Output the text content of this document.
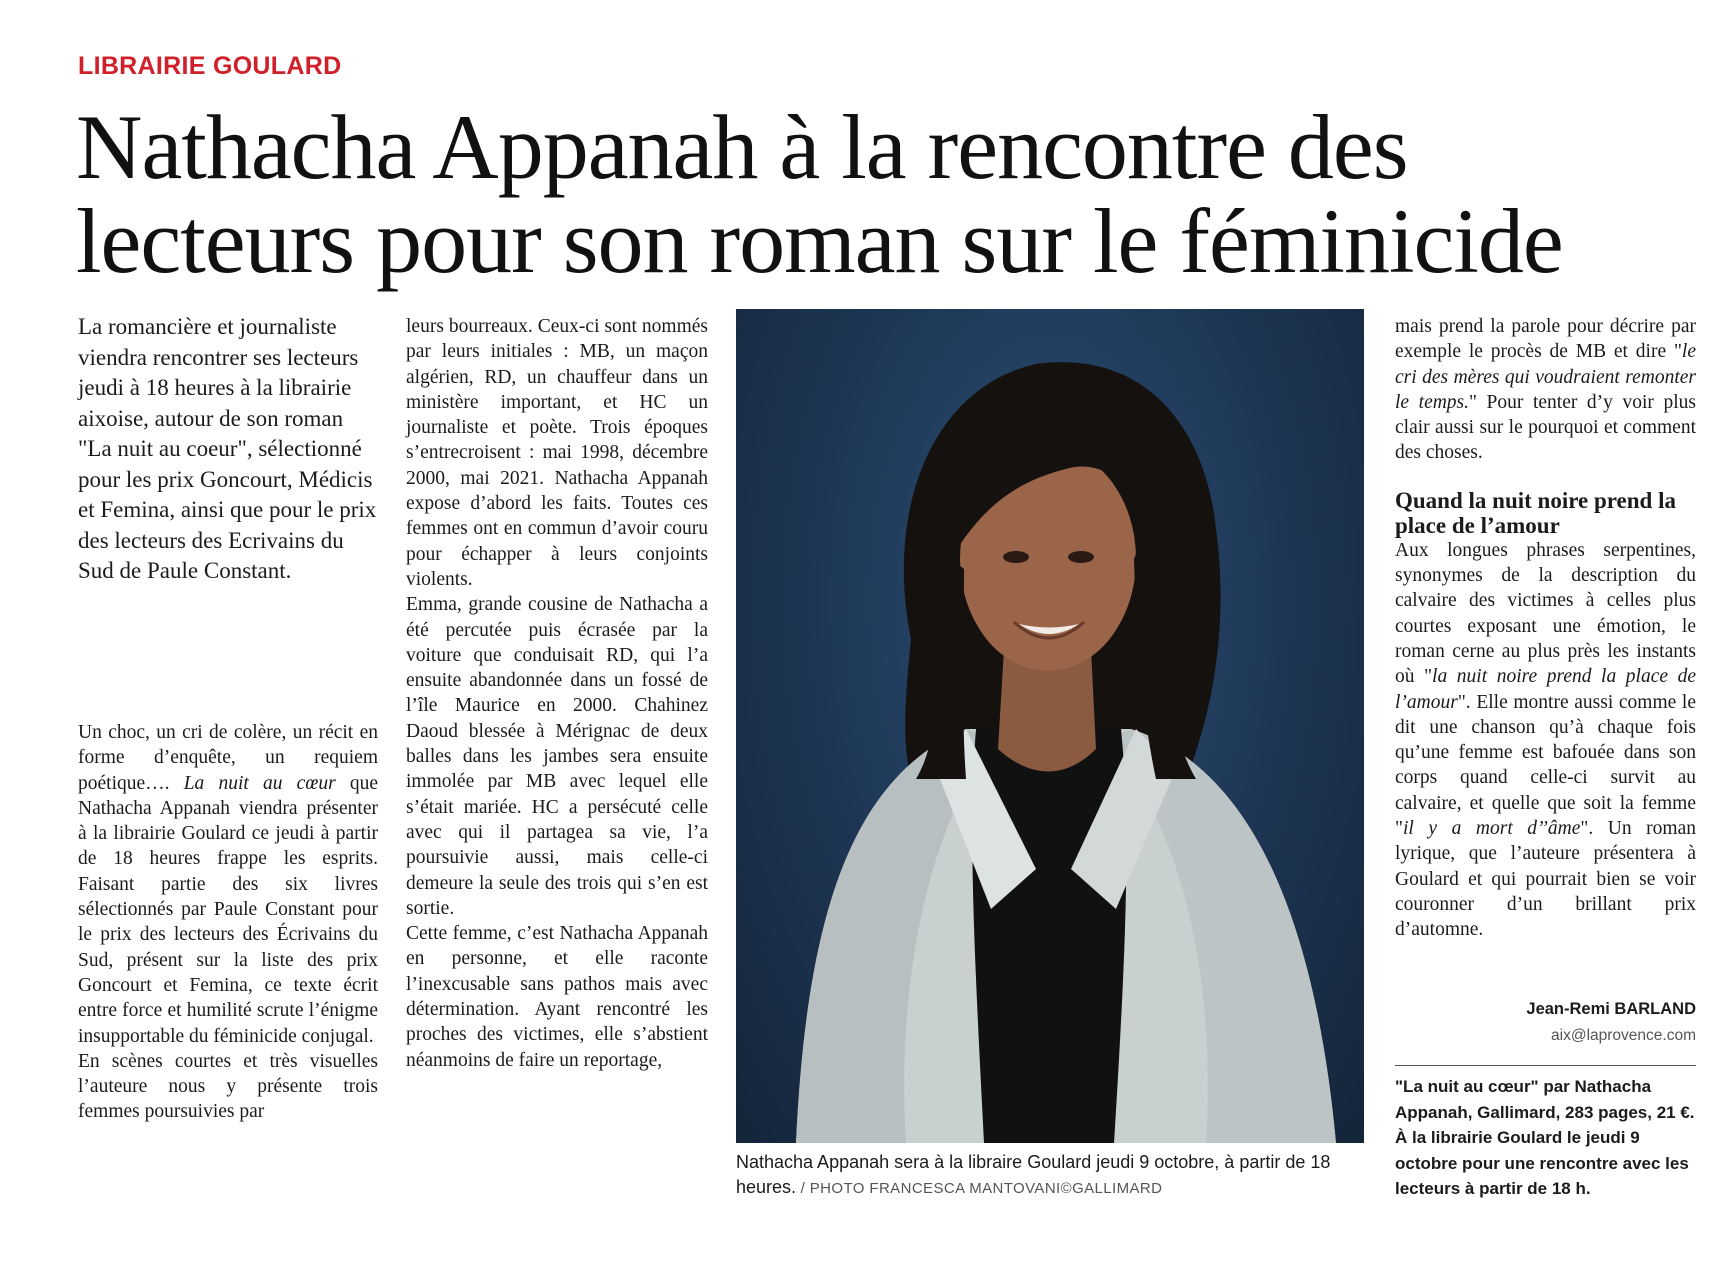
LIBRAIRIE GOULARD
Nathacha Appanah à la rencontre des lecteurs pour son roman sur le féminicide
La romancière et journaliste viendra rencontrer ses lecteurs jeudi à 18 heures à la librairie aixoise, autour de son roman "La nuit au coeur", sélectionné pour les prix Goncourt, Médicis et Femina, ainsi que pour le prix des lecteurs des Ecrivains du Sud de Paule Constant.

Un choc, un cri de colère, un récit en forme d’enquête, un requiem poétique…. La nuit au cœur que Nathacha Appanah viendra présenter à la librairie Goulard ce jeudi à partir de 18 heures frappe les esprits. Faisant partie des six livres sélectionnés par Paule Constant pour le prix des lecteurs des Écrivains du Sud, présent sur la liste des prix Goncourt et Femina, ce texte écrit entre force et humilité scrute l’énigme insupportable du féminicide conjugal.

En scènes courtes et très visuelles l’auteure nous y présente trois femmes poursuivies par

leurs bourreaux. Ceux-ci sont nommés par leurs initiales : MB, un maçon algérien, RD, un chauffeur dans un ministère important, et HC un journaliste et poète. Trois époques s’entrecroisent : mai 1998, décembre 2000, mai 2021. Nathacha Appanah expose d’abord les faits. Toutes ces femmes ont en commun d’avoir couru pour échapper à leurs conjoints violents.

Emma, grande cousine de Nathacha a été percutée puis écrasée par la voiture que conduisait RD, qui l’a ensuite abandonnée dans un fossé de l’île Maurice en 2000. Chahinez Daoud blessée à Mérignac de deux balles dans les jambes sera ensuite immolée par MB avec lequel elle s’était mariée. HC a persécuté celle avec qui il partagea sa vie, l’a poursuivie aussi, mais celle-ci demeure la seule des trois qui s’en est sortie.

Cette femme, c’est Nathacha Appanah en personne, et elle raconte l’inexcusable sans pathos mais avec détermination. Ayant rencontré les proches des victimes, elle s’abstient néanmoins de faire un reportage,

Nathacha Appanah sera à la libraire Goulard jeudi 9 octobre, à partir de 18 heures. / PHOTO FRANCESCA MANTOVANI©GALLIMARD

mais prend la parole pour décrire par exemple le procès de MB et dire "le cri des mères qui voudraient remonter le temps." Pour tenter d’y voir plus clair aussi sur le pourquoi et comment des choses.

Quand la nuit noire prend la place de l’amour

Aux longues phrases serpentines, synonymes de la description du calvaire des victimes à celles plus courtes exposant une émotion, le roman cerne au plus près les instants où "la nuit noire prend la place de l’amour". Elle montre aussi comme le dit une chanson qu’à chaque fois qu’une femme est bafouée dans son corps quand celle-ci survit au calvaire, et quelle que soit la femme "il y a mort d’’âme". Un roman lyrique, que l’auteure présentera à Goulard et qui pourrait bien se voir couronner d’un brillant prix d’automne.

Jean-Remi BARLAND
aix@laprovence.com
"La nuit au cœur" par Nathacha Appanah, Gallimard, 283 pages, 21 €. À la librairie Goulard le jeudi 9 octobre pour une rencontre avec les lecteurs à partir de 18 h.
